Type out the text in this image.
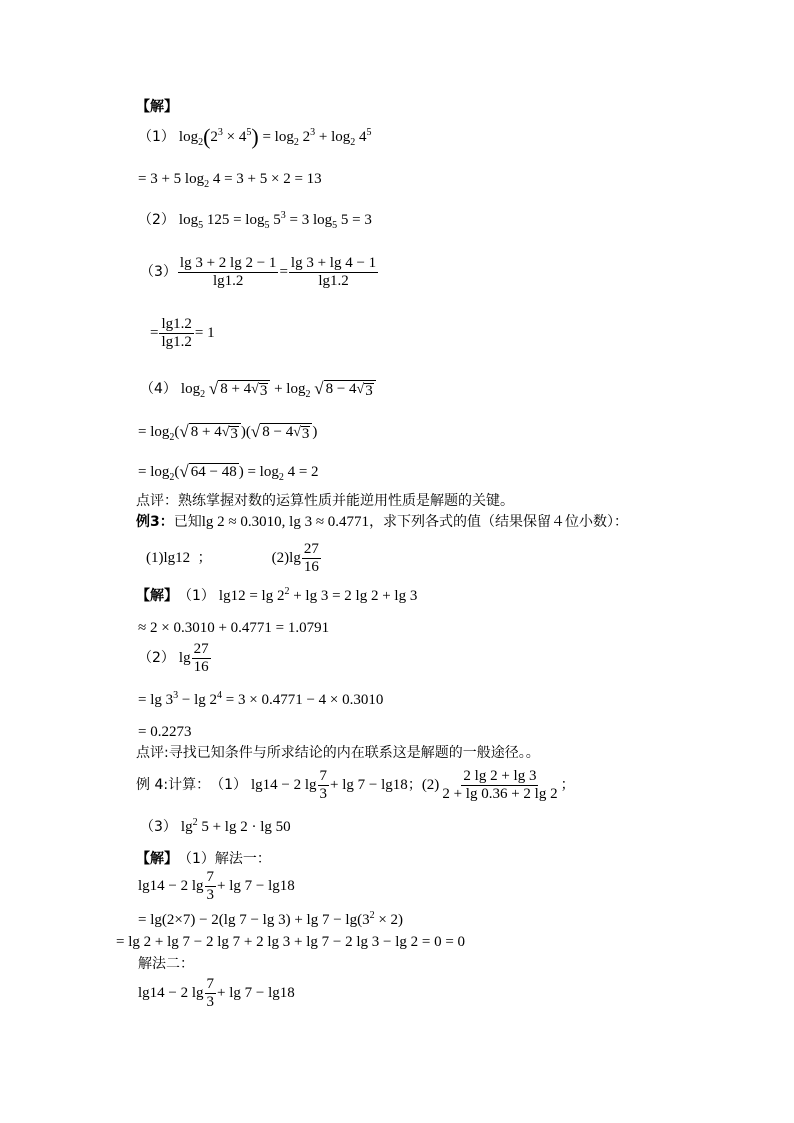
【解】
（1） $\log_2$ ( $2^3 \times 4^5$ ) = $\log_2 2^3 + \log_2 4^5$
= 3 + 5 $\log_2 4 = 3 + 5 \times 2 = 13$
（2） $\log_5 125 = \log_5 5^3 = 3$ $\log_5 5 = 3$
$(3) \frac{\lg 3 + 2 \lg 2 - 1}{\lg 1.2} = \frac{\lg 3 + \lg 4 - 1}{\lg 1.2}$
= $\frac{\lg 1.2}{\lg 1.2} = 1$
（4） $\log_2$ √ 8 + 4 √ $3 + \log_2$ √ 8 − 4 √ 3
= $\log_2$( √ 8 + 4 √ 3 )( √ 8 − 4 √ 3 )
= $\log_2$( √ 64 − 48 ) = $\log_2 4 = 2$
点评：熟练掌握对数的运算性质并能逆用性质是解题的关键。
例3： 已知 lg 2 ≈ 0.3010, lg 3 ≈ 0.4771 ，求下列各式的值（结果保留４位小数）：
(1) lg12 ；	(2) lg
27
16
【解】 （1） $\lg 12 = \lg 2^2 + \lg 3 = 2$ lg 2 + lg 3
≈ 2 × 0.3010 + 0.4771 = 1.0791
（2） lg
27
16
= $\lg 3^3 - \lg 2^4 = 3 \times 0.4771 - 4 \times 0.3010$
= 0.2273
点评:寻找已知条件与所求结论的内在联系这是解题的一般途径。。
例 4:计算： （1） lg14 − 2 lg
7
3
+ lg 7 − lg18 ； (2)
2 lg 2 + lg 3
2 + lg 0.36 + 2 lg 2
；
（3） $\lg^2 5 + \lg 2 \cdot \lg 50$
【解】 （1） 解法一：
lg14 − 2 lg
7
3
+ lg 7 − lg18
= lg(2×7) − 2(lg $7 - \lg 3) + \lg 7 - \lg(3^2 \times 2)$
= lg 2 + lg 7 − 2 lg 7 + 2 lg 3 + lg 7 − 2 lg 3 − lg 2 = 0 = 0
解法二：
lg14 − 2 lg
7
3
+ lg 7 − lg18
